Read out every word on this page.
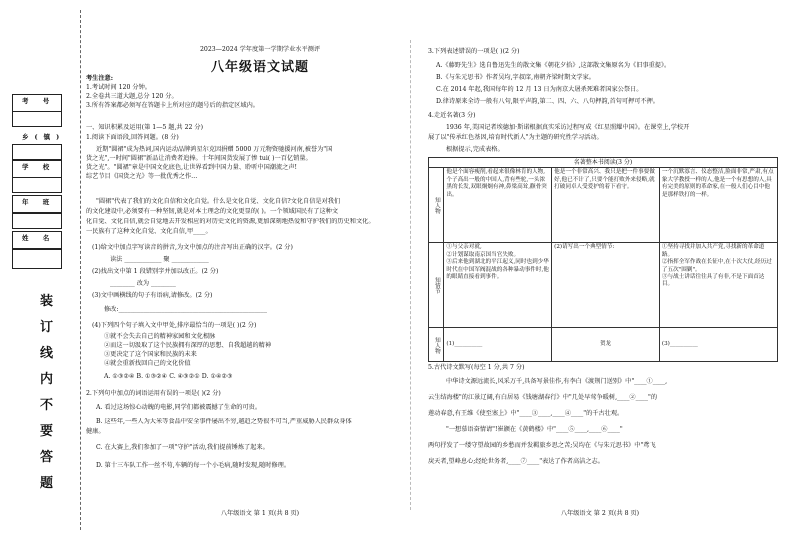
考 号
乡(镇)
学 校
年 班
姓 名
装
订
线
内
不
要
答
题
2023—2024 学年度第一学期学业水平测评
八年级语文试题
考生注意:
1.考试时间 120 分钟。
2.全卷共三道大题,总分 120 分。
3.所有答案都必须写在答题卡上所对应的题号后的指定区域内。
一、知识积累及运用(第 1—5 题,共 22 分)
1.阅读下面语段,回答问题。(8 分)
近期"圆裙"成为热词,国内运动品牌鸿星尔克因捐赠 5000 万元物资驰援河南,被誉为"国
货之光",一时间"圆裙"新品让消费者追捧。十年间国货发展了惨 tui( )一百亿销量。
货之光"。"圆裙"章是中国文化底色,让世界看到中国力量、聆听中国潮流之声!
综艺节目《国货之光》等一批优秀之作…
"圆裙"代表了我们的文化自信和文化自觉。什么是文化自觉、文化自信?文化自信是对我们
的文化建设中,必须要有一种坚韧,就是对本土理念的文化更显的( )。一个领域国民有了这种文
化自觉、文化自信,就会自觉地去开发相应的对历史文化的资源,更加深刻地热爱和守护我们的历史和文化。
一民族有了这种文化自觉、文化自信,甲____。
(1)给文中加点字写读音的拼音,为文中加点的注音写出正确的汉字。(2 分)
读法 ____________ 聚 ____________
(2)找出文中第 1 段错别字并加以改正。(2 分)
________ 改为 ________
(3)文中画横线的句子有语病,请修改。(2 分)
修改:________________________________________________
(4)下列四个句子填入文中甲处,排序最恰当的一项是( )(2 分)
①就不会失去自己的精神家园和文化根脉
②而这一切汲取了这个民族拥有深厚的思想、自我超越的精神
③更决定了这个国家和民族的未来
④就会重新找回自己的文化价值
A. ①③②④ B. ①③②④ C. ④③②① D. ①④②③
2.下列句中加点的词语运用有误的一项是( )(2 分)
A. 看过这场惊心动魄的电影,同学们都被震撼了生命的可贵。
B. 这些年,一些人为大米等食品中安全事件屡出不穷,越趋之势很不可当,严重威胁人民群众身体
健康。
C. 在大赛上,我们参加了一项"守护"活动,我们提前锤炼了起来。
D. 第十三车队工作一丝不苟,车辆的每一个小毛病,随时发现,随时修理。
八年级语文 第 1 页(共 8 页)
3.下列表述错误的一项是( )(2 分)
A.《藤野先生》选自鲁迅先生的散文集《朝花夕拾》,这部散文集原名为《旧事重提》。
B.《与朱元思书》作者吴均,字叔庠,南朝齐梁时期文学家。
C.在 2014 年起,我国每年的 12 月 13 日为南京大屠杀死难者国家公祭日。
D.律诗原来全诗一般有八句,限平声韵,第二、四、六、八句押韵,首句可押可不押。
4.走近名著(3 分)
1936 年,美国记者埃德加·斯诺根据真实采访过程写成《红星照耀中国》。在课堂上,学校开
展了以"传承红色基因,培育时代新人"为主题的研究性学习活动。
根据提示,完成表格。
名著整本书阅读(3 分)			
知人物	他是个面容瘦削,看起来很像林肯的人物,个子高出一般的中国人,背有些驼,一头浓黑的长发,双眼炯炯有神,鼻梁高耸,颧骨突出。	他是一个非常高兴、我只是把一件事要做好,他已不计了,只要个能打败外来侵略,就打破同卓人受爱护的着下看守。	一个沉默寡言、仪态整洁,脸面非常,严肃,有点象大学教授一样的人,他是一个有思想的人,具有完美的原则的革命家,在一般人们心目中他是那样铁打的一样。
知情节	①与父亲对就,
②计划谋取南京国当官失败。
③后来他到湖北的平江起义,同时也到少华时代在中国军阀混战的各种暴动事件时,他的眼睛直接看到事件。	(2)请写出一个典型情节:	①坚持寻找并加入共产党,寻找新的革命道路。
②指挥全军作战在长征中,在十次大仗,经历过了五次"围剿"。
③与战士讲话往往具了有非,不是下面首达目。
知人物	(1)__________	贺龙	(3)__________
5.古代诗文默写(每空 1 分,共 7 分)
中华诗文源远流长,风采万千,具备写景佳作,有李白《渡荆门送别》中"____①____,
云生结海楼"的江景辽阔,有白居易《钱塘湖春行》中"几处早莺争暖树,____②____"的
莲动春意,有王维《使至塞上》中"____③____,____④____"的千古壮观。
"一想慕语奋情请"!崔颢在《黄鹤楼》中"____⑤____,____⑥____"
两句抒发了一缕守望故园的乡愁而并发羁旅乡思之苦;吴均在《与朱元思书》中"鸢飞
戾天者,望峰息心;经纶世务者,____⑦____"表达了作者高洁之志。
八年级语文 第 2 页(共 8 页)
